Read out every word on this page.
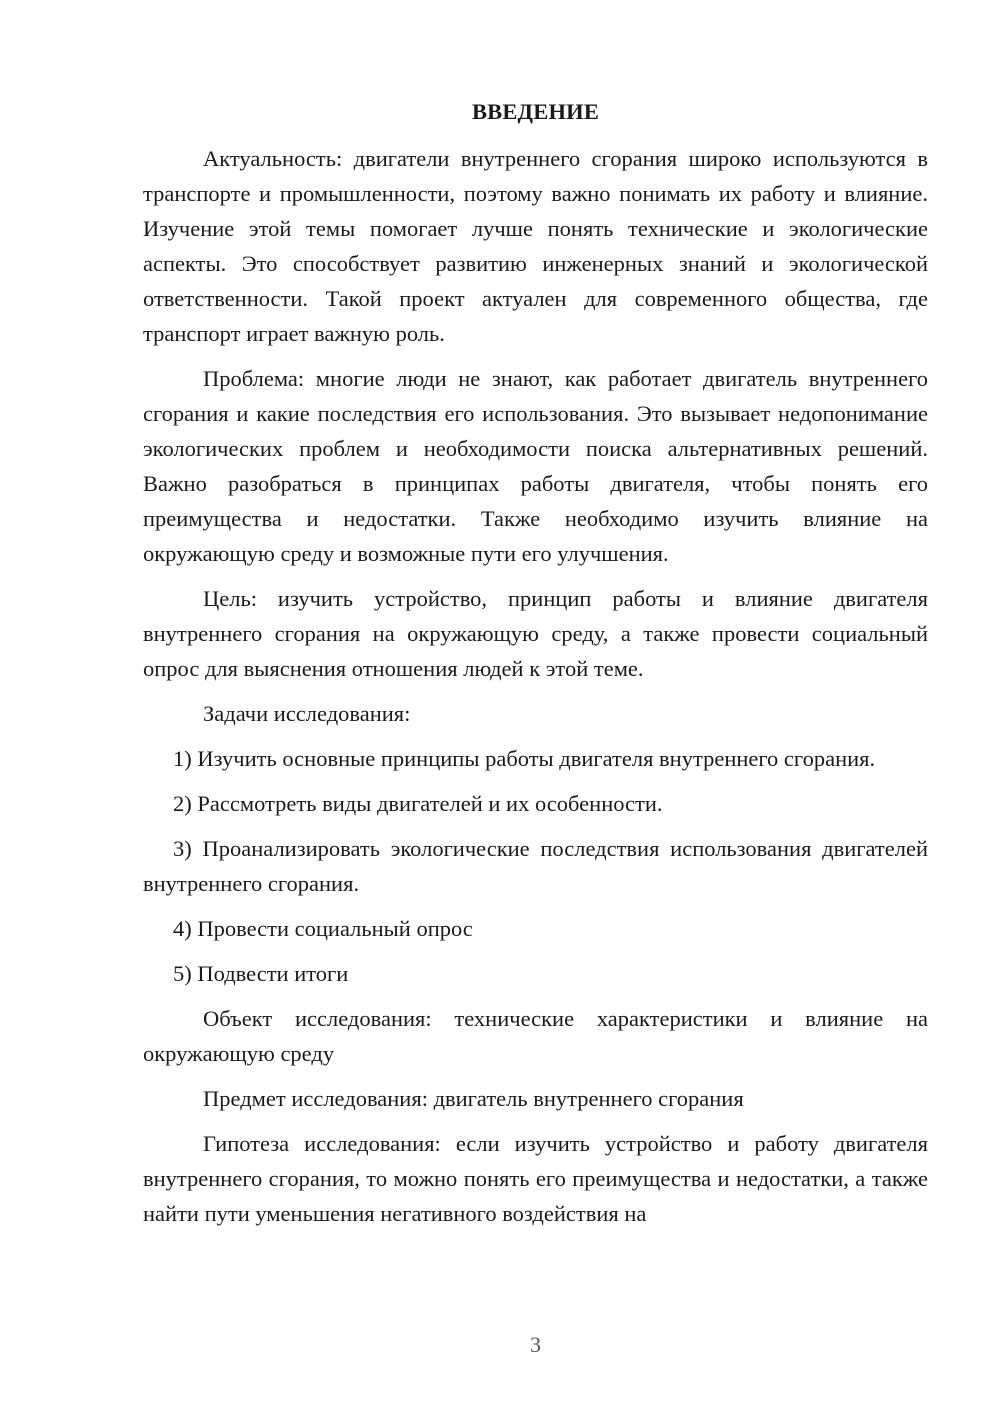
ВВЕДЕНИЕ

Актуальность: двигатели внутреннего сгорания широко используются в транспорте и промышленности, поэтому важно понимать их работу и влияние. Изучение этой темы помогает лучше понять технические и экологические аспекты. Это способствует развитию инженерных знаний и экологической ответственности. Такой проект актуален для современного общества, где транспорт играет важную роль.

Проблема: многие люди не знают, как работает двигатель внутреннего сгорания и какие последствия его использования. Это вызывает недопонимание экологических проблем и необходимости поиска альтернативных решений. Важно разобраться в принципах работы двигателя, чтобы понять его преимущества и недостатки. Также необходимо изучить влияние на окружающую среду и возможные пути его улучшения.

Цель: изучить устройство, принцип работы и влияние двигателя внутреннего сгорания на окружающую среду, а также провести социальный опрос для выяснения отношения людей к этой теме.

Задачи исследования:

1) Изучить основные принципы работы двигателя внутреннего сгорания.

2) Рассмотреть виды двигателей и их особенности.

3) Проанализировать экологические последствия использования двигателей внутреннего сгорания.

4) Провести социальный опрос

5) Подвести итоги

Объект исследования: технические характеристики и влияние на окружающую среду

Предмет исследования: двигатель внутреннего сгорания

Гипотеза исследования: если изучить устройство и работу двигателя внутреннего сгорания, то можно понять его преимущества и недостатки, а также найти пути уменьшения негативного воздействия на

3
